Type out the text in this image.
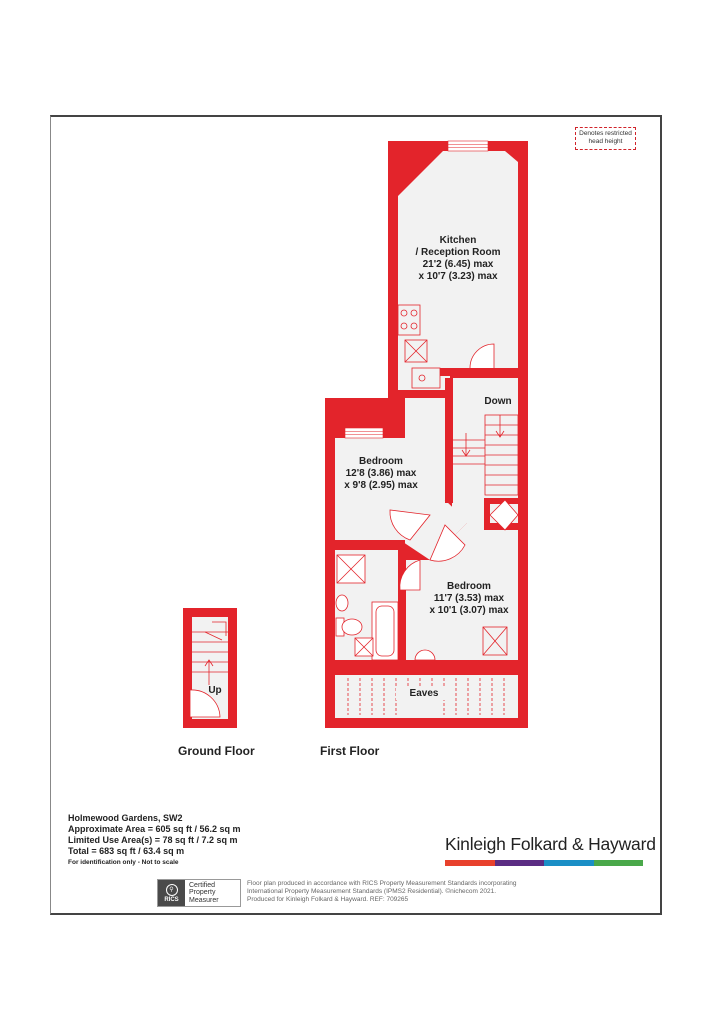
Denotes restricted
head height
Kitchen
/ Reception Room
21'2 (6.45) max
x 10'7 (3.23) max
Down
Bedroom
12'8 (3.86) max
x 9'8 (2.95) max
Bedroom
11'7 (3.53) max
x 10'1 (3.07) max
Eaves
Up
Ground Floor	First Floor
Holmewood Gardens, SW2
Approximate Area = 605 sq ft / 56.2 sq m
Limited Use Area(s) = 78 sq ft / 7.2 sq m
Total = 683 sq ft / 63.4 sq m
For identification only - Not to scale
Kinleigh Folkard & Hayward
⚲
RICS
Certified
Property
Measurer
Floor plan produced in accordance with RICS Property Measurement Standards incorporating
International Property Measurement Standards (IPMS2 Residential). ©nichecom 2021.
Produced for Kinleigh Folkard & Hayward. REF: 709265
